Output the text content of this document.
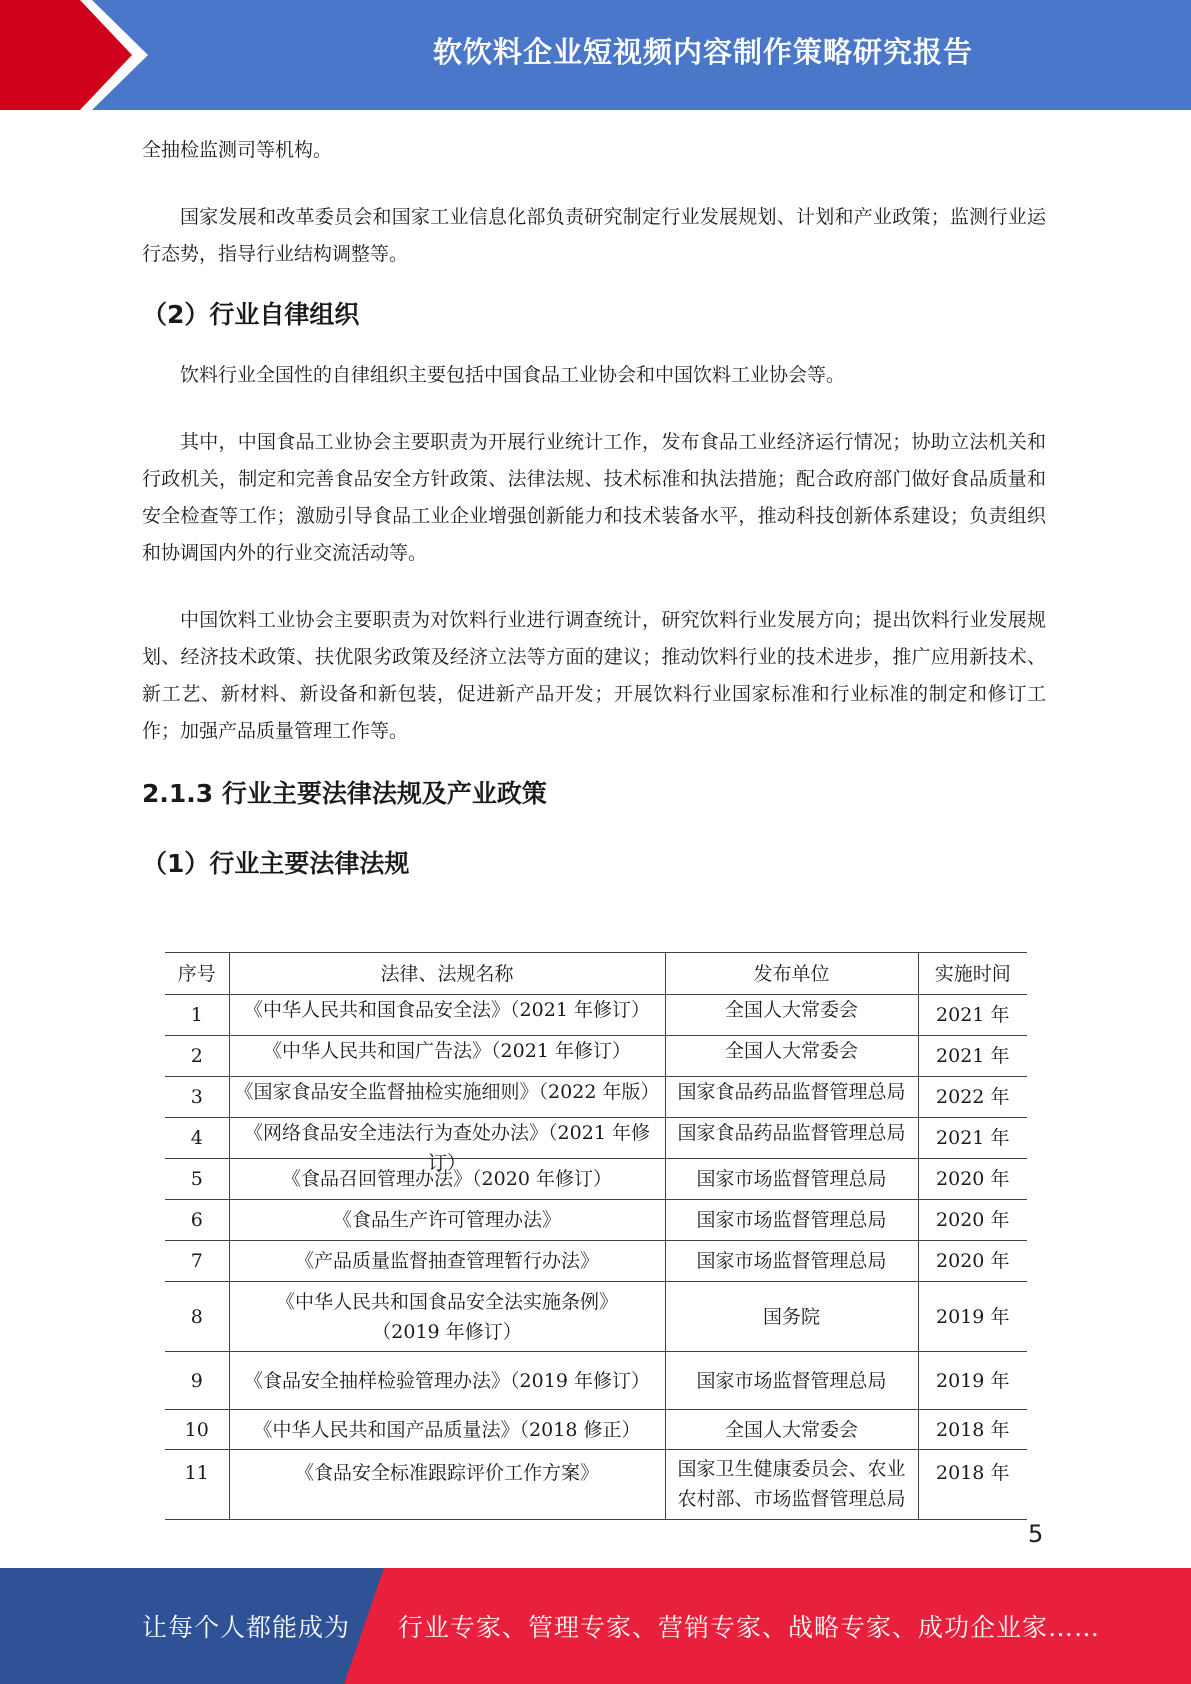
软饮料企业短视频内容制作策略研究报告

全抽检监测司等机构。

国家发展和改革委员会和国家工业信息化部负责研究制定行业发展规划、计划和产业政策；监测行业运行态势，指导行业结构调整等。

（2）行业自律组织

饮料行业全国性的自律组织主要包括中国食品工业协会和中国饮料工业协会等。

其中，中国食品工业协会主要职责为开展行业统计工作，发布食品工业经济运行情况；协助立法机关和行政机关，制定和完善食品安全方针政策、法律法规、技术标准和执法措施；配合政府部门做好食品质量和安全检查等工作；激励引导食品工业企业增强创新能力和技术装备水平，推动科技创新体系建设；负责组织和协调国内外的行业交流活动等。

中国饮料工业协会主要职责为对饮料行业进行调查统计，研究饮料行业发展方向；提出饮料行业发展规划、经济技术政策、扶优限劣政策及经济立法等方面的建议；推动饮料行业的技术进步，推广应用新技术、新工艺、新材料、新设备和新包装，促进新产品开发；开展饮料行业国家标准和行业标准的制定和修订工作；加强产品质量管理工作等。

2.1.3 行业主要法律法规及产业政策
（1）行业主要法律法规
序号	法律、法规名称	发布单位	实施时间
1	《中华人民共和国食品安全法》（2021 年修订）	全国人大常委会	2021 年
2	《中华人民共和国广告法》（2021 年修订）	全国人大常委会	2021 年
3	《国家食品安全监督抽检实施细则》（2022 年版）	国家食品药品监督管理总局	2022 年
4	《网络食品安全违法行为查处办法》（2021 年修订）	国家食品药品监督管理总局	2021 年
5	《食品召回管理办法》（2020 年修订）	国家市场监督管理总局	2020 年
6	《食品生产许可管理办法》	国家市场监督管理总局	2020 年
7	《产品质量监督抽查管理暂行办法》	国家市场监督管理总局	2020 年
8	《中华人民共和国食品安全法实施条例》（2019 年修订）	国务院	2019 年
9	《食品安全抽样检验管理办法》（2019 年修订）	国家市场监督管理总局	2019 年
10	《中华人民共和国产品质量法》（2018 修正）	全国人大常委会	2018 年
11	《食品安全标准跟踪评价工作方案》	国家卫生健康委员会、农业农村部、市场监督管理总局	2018 年
5
让每个人都能成为 行业专家、管理专家、营销专家、战略专家、成功企业家……
